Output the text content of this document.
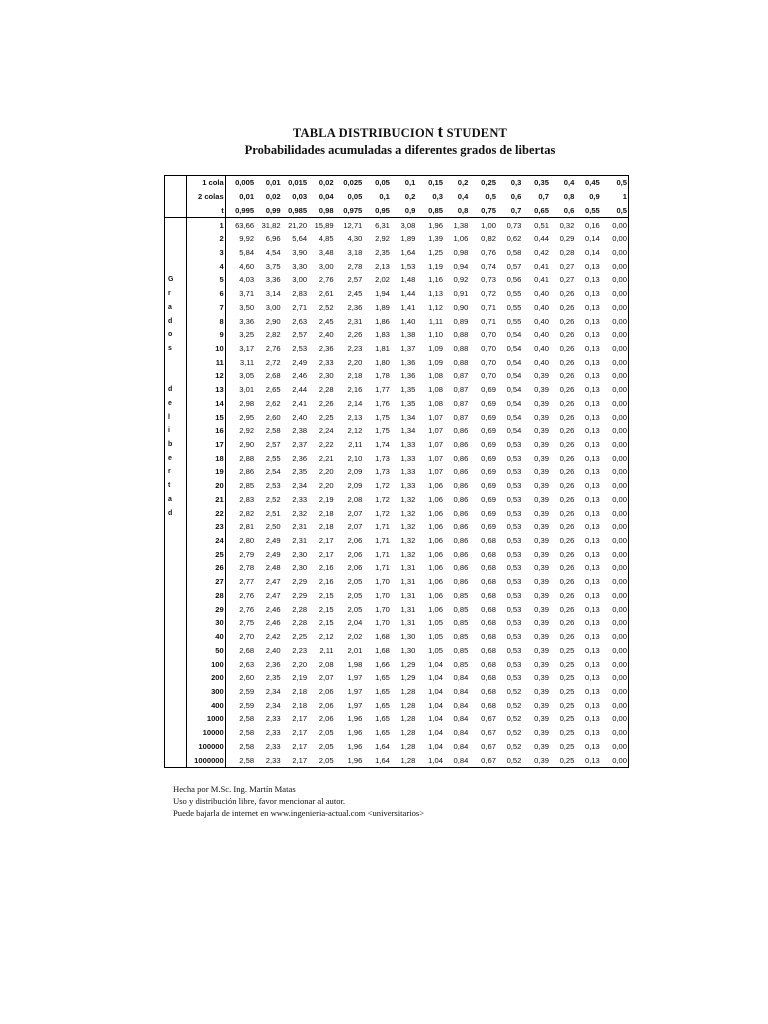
TABLA DISTRIBUCION t STUDENT
Probabilidades acumuladas a diferentes grados de libertas
	1 cola	0,005	0,01	0,015	0,02	0,025	0,05	0,1	0,15	0,2	0,25	0,3	0,35	0,4	0,45	0,5
	2 colas	0,01	0,02	0,03	0,04	0,05	0,1	0,2	0,3	0,4	0,5	0,6	0,7	0,8	0,9	1
	t	0,995	0,99	0,985	0,98	0,975	0,95	0,9	0,85	0,8	0,75	0,7	0,65	0,6	0,55	0,5
	1	63,66	31,82	21,20	15,89	12,71	6,31	3,08	1,96	1,38	1,00	0,73	0,51	0,32	0,16	0,00
	2	9,92	6,96	5,64	4,85	4,30	2,92	1,89	1,39	1,06	0,82	0,62	0,44	0,29	0,14	0,00
	3	5,84	4,54	3,90	3,48	3,18	2,35	1,64	1,25	0,98	0,76	0,58	0,42	0,28	0,14	0,00
	4	4,60	3,75	3,30	3,00	2,78	2,13	1,53	1,19	0,94	0,74	0,57	0,41	0,27	0,13	0,00
G	5	4,03	3,36	3,00	2,76	2,57	2,02	1,48	1,16	0,92	0,73	0,56	0,41	0,27	0,13	0,00
r	6	3,71	3,14	2,83	2,61	2,45	1,94	1,44	1,13	0,91	0,72	0,55	0,40	0,26	0,13	0,00
a	7	3,50	3,00	2,71	2,52	2,36	1,89	1,41	1,12	0,90	0,71	0,55	0,40	0,26	0,13	0,00
d	8	3,36	2,90	2,63	2,45	2,31	1,86	1,40	1,11	0,89	0,71	0,55	0,40	0,26	0,13	0,00
o	9	3,25	2,82	2,57	2,40	2,26	1,83	1,38	1,10	0,88	0,70	0,54	0,40	0,26	0,13	0,00
s	10	3,17	2,76	2,53	2,36	2,23	1,81	1,37	1,09	0,88	0,70	0,54	0,40	0,26	0,13	0,00
	11	3,11	2,72	2,49	2,33	2,20	1,80	1,36	1,09	0,88	0,70	0,54	0,40	0,26	0,13	0,00
	12	3,05	2,68	2,46	2,30	2,18	1,78	1,36	1,08	0,87	0,70	0,54	0,39	0,26	0,13	0,00
d	13	3,01	2,65	2,44	2,28	2,16	1,77	1,35	1,08	0,87	0,69	0,54	0,39	0,26	0,13	0,00
e	14	2,98	2,62	2,41	2,26	2,14	1,76	1,35	1,08	0,87	0,69	0,54	0,39	0,26	0,13	0,00
l	15	2,95	2,60	2,40	2,25	2,13	1,75	1,34	1,07	0,87	0,69	0,54	0,39	0,26	0,13	0,00
i	16	2,92	2,58	2,38	2,24	2,12	1,75	1,34	1,07	0,86	0,69	0,54	0,39	0,26	0,13	0,00
b	17	2,90	2,57	2,37	2,22	2,11	1,74	1,33	1,07	0,86	0,69	0,53	0,39	0,26	0,13	0,00
e	18	2,88	2,55	2,36	2,21	2,10	1,73	1,33	1,07	0,86	0,69	0,53	0,39	0,26	0,13	0,00
r	19	2,86	2,54	2,35	2,20	2,09	1,73	1,33	1,07	0,86	0,69	0,53	0,39	0,26	0,13	0,00
t	20	2,85	2,53	2,34	2,20	2,09	1,72	1,33	1,06	0,86	0,69	0,53	0,39	0,26	0,13	0,00
a	21	2,83	2,52	2,33	2,19	2,08	1,72	1,32	1,06	0,86	0,69	0,53	0,39	0,26	0,13	0,00
d	22	2,82	2,51	2,32	2,18	2,07	1,72	1,32	1,06	0,86	0,69	0,53	0,39	0,26	0,13	0,00
	23	2,81	2,50	2,31	2,18	2,07	1,71	1,32	1,06	0,86	0,69	0,53	0,39	0,26	0,13	0,00
	24	2,80	2,49	2,31	2,17	2,06	1,71	1,32	1,06	0,86	0,68	0,53	0,39	0,26	0,13	0,00
	25	2,79	2,49	2,30	2,17	2,06	1,71	1,32	1,06	0,86	0,68	0,53	0,39	0,26	0,13	0,00
	26	2,78	2,48	2,30	2,16	2,06	1,71	1,31	1,06	0,86	0,68	0,53	0,39	0,26	0,13	0,00
	27	2,77	2,47	2,29	2,16	2,05	1,70	1,31	1,06	0,86	0,68	0,53	0,39	0,26	0,13	0,00
	28	2,76	2,47	2,29	2,15	2,05	1,70	1,31	1,06	0,85	0,68	0,53	0,39	0,26	0,13	0,00
	29	2,76	2,46	2,28	2,15	2,05	1,70	1,31	1,06	0,85	0,68	0,53	0,39	0,26	0,13	0,00
	30	2,75	2,46	2,28	2,15	2,04	1,70	1,31	1,05	0,85	0,68	0,53	0,39	0,26	0,13	0,00
	40	2,70	2,42	2,25	2,12	2,02	1,68	1,30	1,05	0,85	0,68	0,53	0,39	0,26	0,13	0,00
	50	2,68	2,40	2,23	2,11	2,01	1,68	1,30	1,05	0,85	0,68	0,53	0,39	0,25	0,13	0,00
	100	2,63	2,36	2,20	2,08	1,98	1,66	1,29	1,04	0,85	0,68	0,53	0,39	0,25	0,13	0,00
	200	2,60	2,35	2,19	2,07	1,97	1,65	1,29	1,04	0,84	0,68	0,53	0,39	0,25	0,13	0,00
	300	2,59	2,34	2,18	2,06	1,97	1,65	1,28	1,04	0,84	0,68	0,52	0,39	0,25	0,13	0,00
	400	2,59	2,34	2,18	2,06	1,97	1,65	1,28	1,04	0,84	0,68	0,52	0,39	0,25	0,13	0,00
	1000	2,58	2,33	2,17	2,06	1,96	1,65	1,28	1,04	0,84	0,67	0,52	0,39	0,25	0,13	0,00
	10000	2,58	2,33	2,17	2,05	1,96	1,65	1,28	1,04	0,84	0,67	0,52	0,39	0,25	0,13	0,00
	100000	2,58	2,33	2,17	2,05	1,96	1,64	1,28	1,04	0,84	0,67	0,52	0,39	0,25	0,13	0,00
	1000000	2,58	2,33	2,17	2,05	1,96	1,64	1,28	1,04	0,84	0,67	0,52	0,39	0,25	0,13	0,00
Hecha por M.Sc. Ing. Martín Matas
Uso y distribución libre, favor mencionar al autor.
Puede bajarla de internet en www.ingenieria-actual.com <universitarios>
